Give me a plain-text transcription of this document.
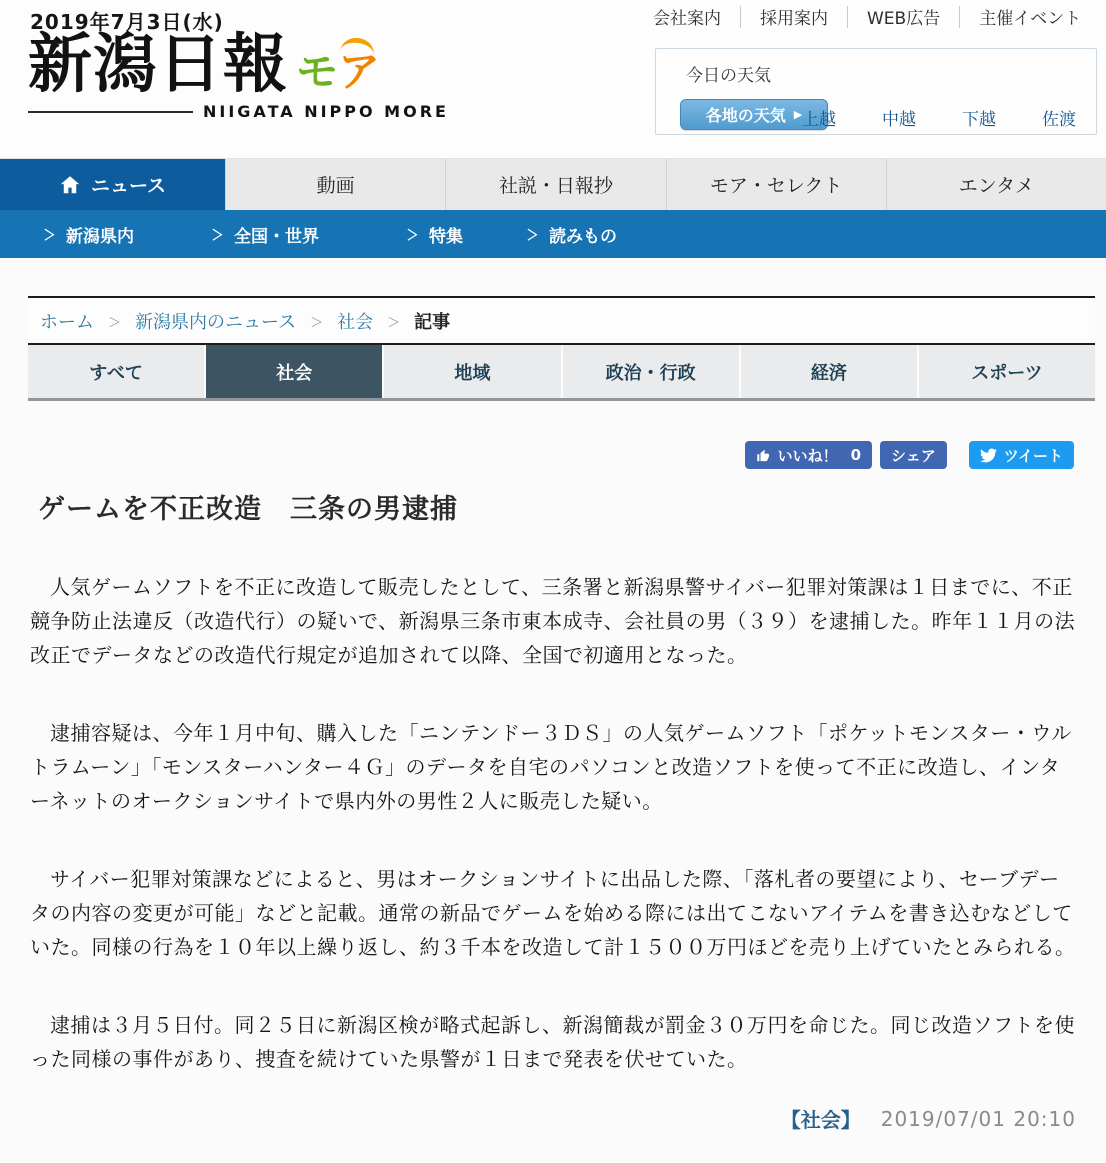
2019年7月3日(水)
新潟日報 モ ア
NIIGATA NIPPO MORE
会社案内 採用案内 WEB広告 主催イベント
今日の天気
各地の天気 ▶ 上越	中越	下越	佐渡
ニュース	動画	社説・日報抄	モア・セレクト	エンタメ
＞ 新潟県内	＞ 全国・世界	＞ 特集	＞ 読みもの
ホーム ＞ 新潟県内のニュース ＞ 社会 ＞ 記事
すべて	社会	地域	政治・行政	経済	スポーツ
いいね！ 0 シェア	ツイート
ゲームを不正改造　三条の男逮捕

人気ゲームソフトを不正に改造して販売したとして、三条署と新潟県警サイバー犯罪対策課は１日までに、不正競争防止法違反（改造代行）の疑いで、新潟県三条市東本成寺、会社員の男（３９）を逮捕した。昨年１１月の法改正でデータなどの改造代行規定が追加されて以降、全国で初適用となった。

逮捕容疑は、今年１月中旬、購入した「ニンテンドー３ＤＳ」の人気ゲームソフト「ポケットモンスター・ウルトラムーン」「モンスターハンター４Ｇ」のデータを自宅のパソコンと改造ソフトを使って不正に改造し、インターネットのオークションサイトで県内外の男性２人に販売した疑い。

サイバー犯罪対策課などによると、男はオークションサイトに出品した際、「落札者の要望により、セーブデータの内容の変更が可能」などと記載。通常の新品でゲームを始める際には出てこないアイテムを書き込むなどしていた。同様の行為を１０年以上繰り返し、約３千本を改造して計１５００万円ほどを売り上げていたとみられる。

逮捕は３月５日付。同２５日に新潟区検が略式起訴し、新潟簡裁が罰金３０万円を命じた。同じ改造ソフトを使った同様の事件があり、捜査を続けていた県警が１日まで発表を伏せていた。

【社会】 2019/07/01 20:10
